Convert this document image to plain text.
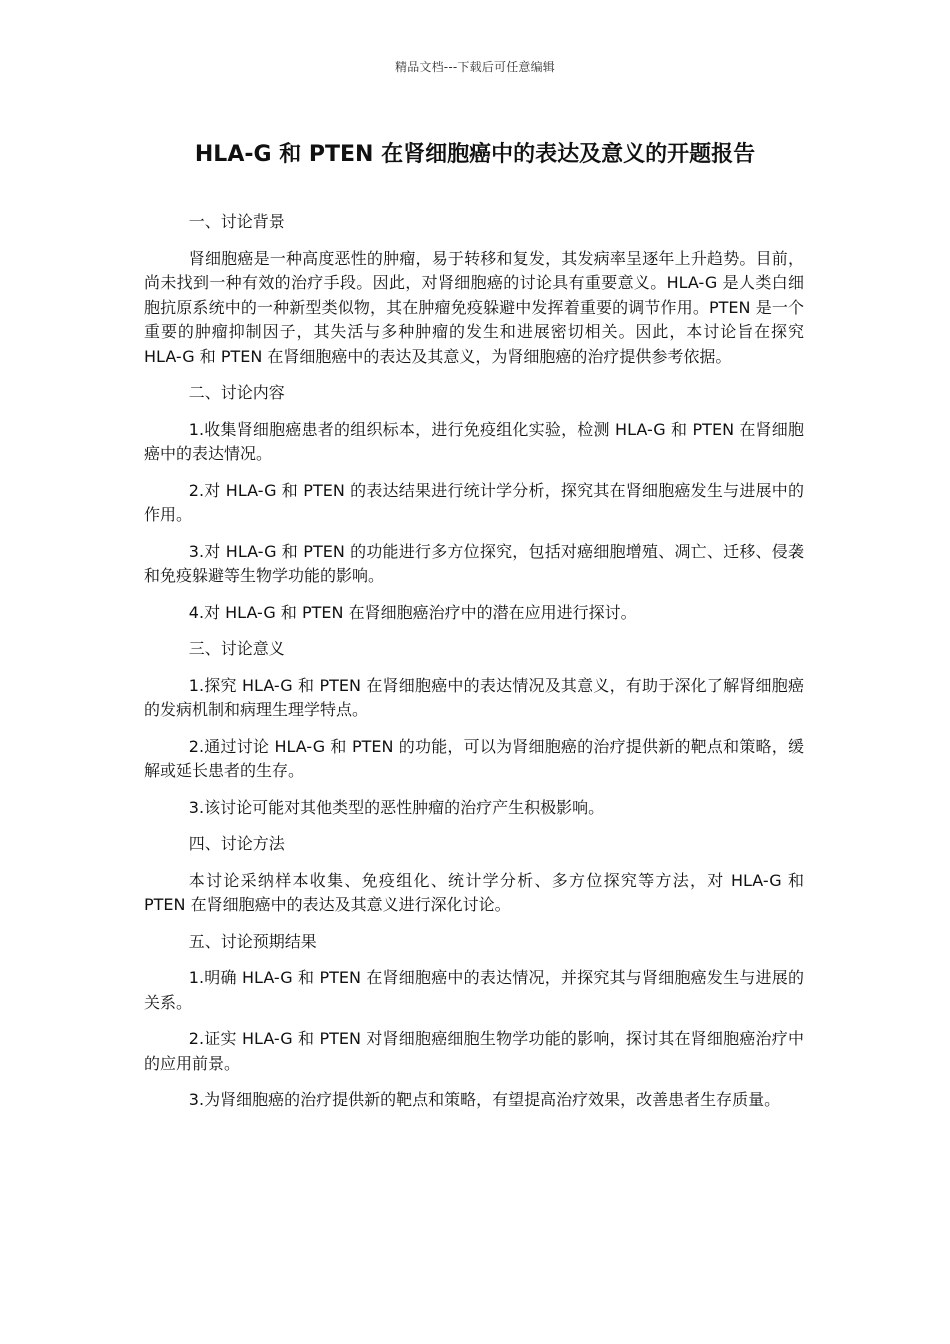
精品文档---下载后可任意编辑
HLA-G 和 PTEN 在肾细胞癌中的表达及意义的开题报告

一、讨论背景

肾细胞癌是一种高度恶性的肿瘤，易于转移和复发，其发病率呈逐年上升趋势。目前，尚未找到一种有效的治疗手段。因此，对肾细胞癌的讨论具有重要意义。HLA-G 是人类白细胞抗原系统中的一种新型类似物，其在肿瘤免疫躲避中发挥着重要的调节作用。PTEN 是一个重要的肿瘤抑制因子，其失活与多种肿瘤的发生和进展密切相关。因此，本讨论旨在探究 HLA-G 和 PTEN 在肾细胞癌中的表达及其意义，为肾细胞癌的治疗提供参考依据。

二、讨论内容

1.收集肾细胞癌患者的组织标本，进行免疫组化实验，检测 HLA-G 和 PTEN 在肾细胞癌中的表达情况。

2.对 HLA-G 和 PTEN 的表达结果进行统计学分析，探究其在肾细胞癌发生与进展中的作用。

3.对 HLA-G 和 PTEN 的功能进行多方位探究，包括对癌细胞增殖、凋亡、迁移、侵袭和免疫躲避等生物学功能的影响。

4.对 HLA-G 和 PTEN 在肾细胞癌治疗中的潜在应用进行探讨。

三、讨论意义

1.探究 HLA-G 和 PTEN 在肾细胞癌中的表达情况及其意义，有助于深化了解肾细胞癌的发病机制和病理生理学特点。

2.通过讨论 HLA-G 和 PTEN 的功能，可以为肾细胞癌的治疗提供新的靶点和策略，缓解或延长患者的生存。

3.该讨论可能对其他类型的恶性肿瘤的治疗产生积极影响。

四、讨论方法

本讨论采纳样本收集、免疫组化、统计学分析、多方位探究等方法，对 HLA-G 和 PTEN 在肾细胞癌中的表达及其意义进行深化讨论。

五、讨论预期结果

1.明确 HLA-G 和 PTEN 在肾细胞癌中的表达情况，并探究其与肾细胞癌发生与进展的关系。

2.证实 HLA-G 和 PTEN 对肾细胞癌细胞生物学功能的影响，探讨其在肾细胞癌治疗中的应用前景。

3.为肾细胞癌的治疗提供新的靶点和策略，有望提高治疗效果，改善患者生存质量。
